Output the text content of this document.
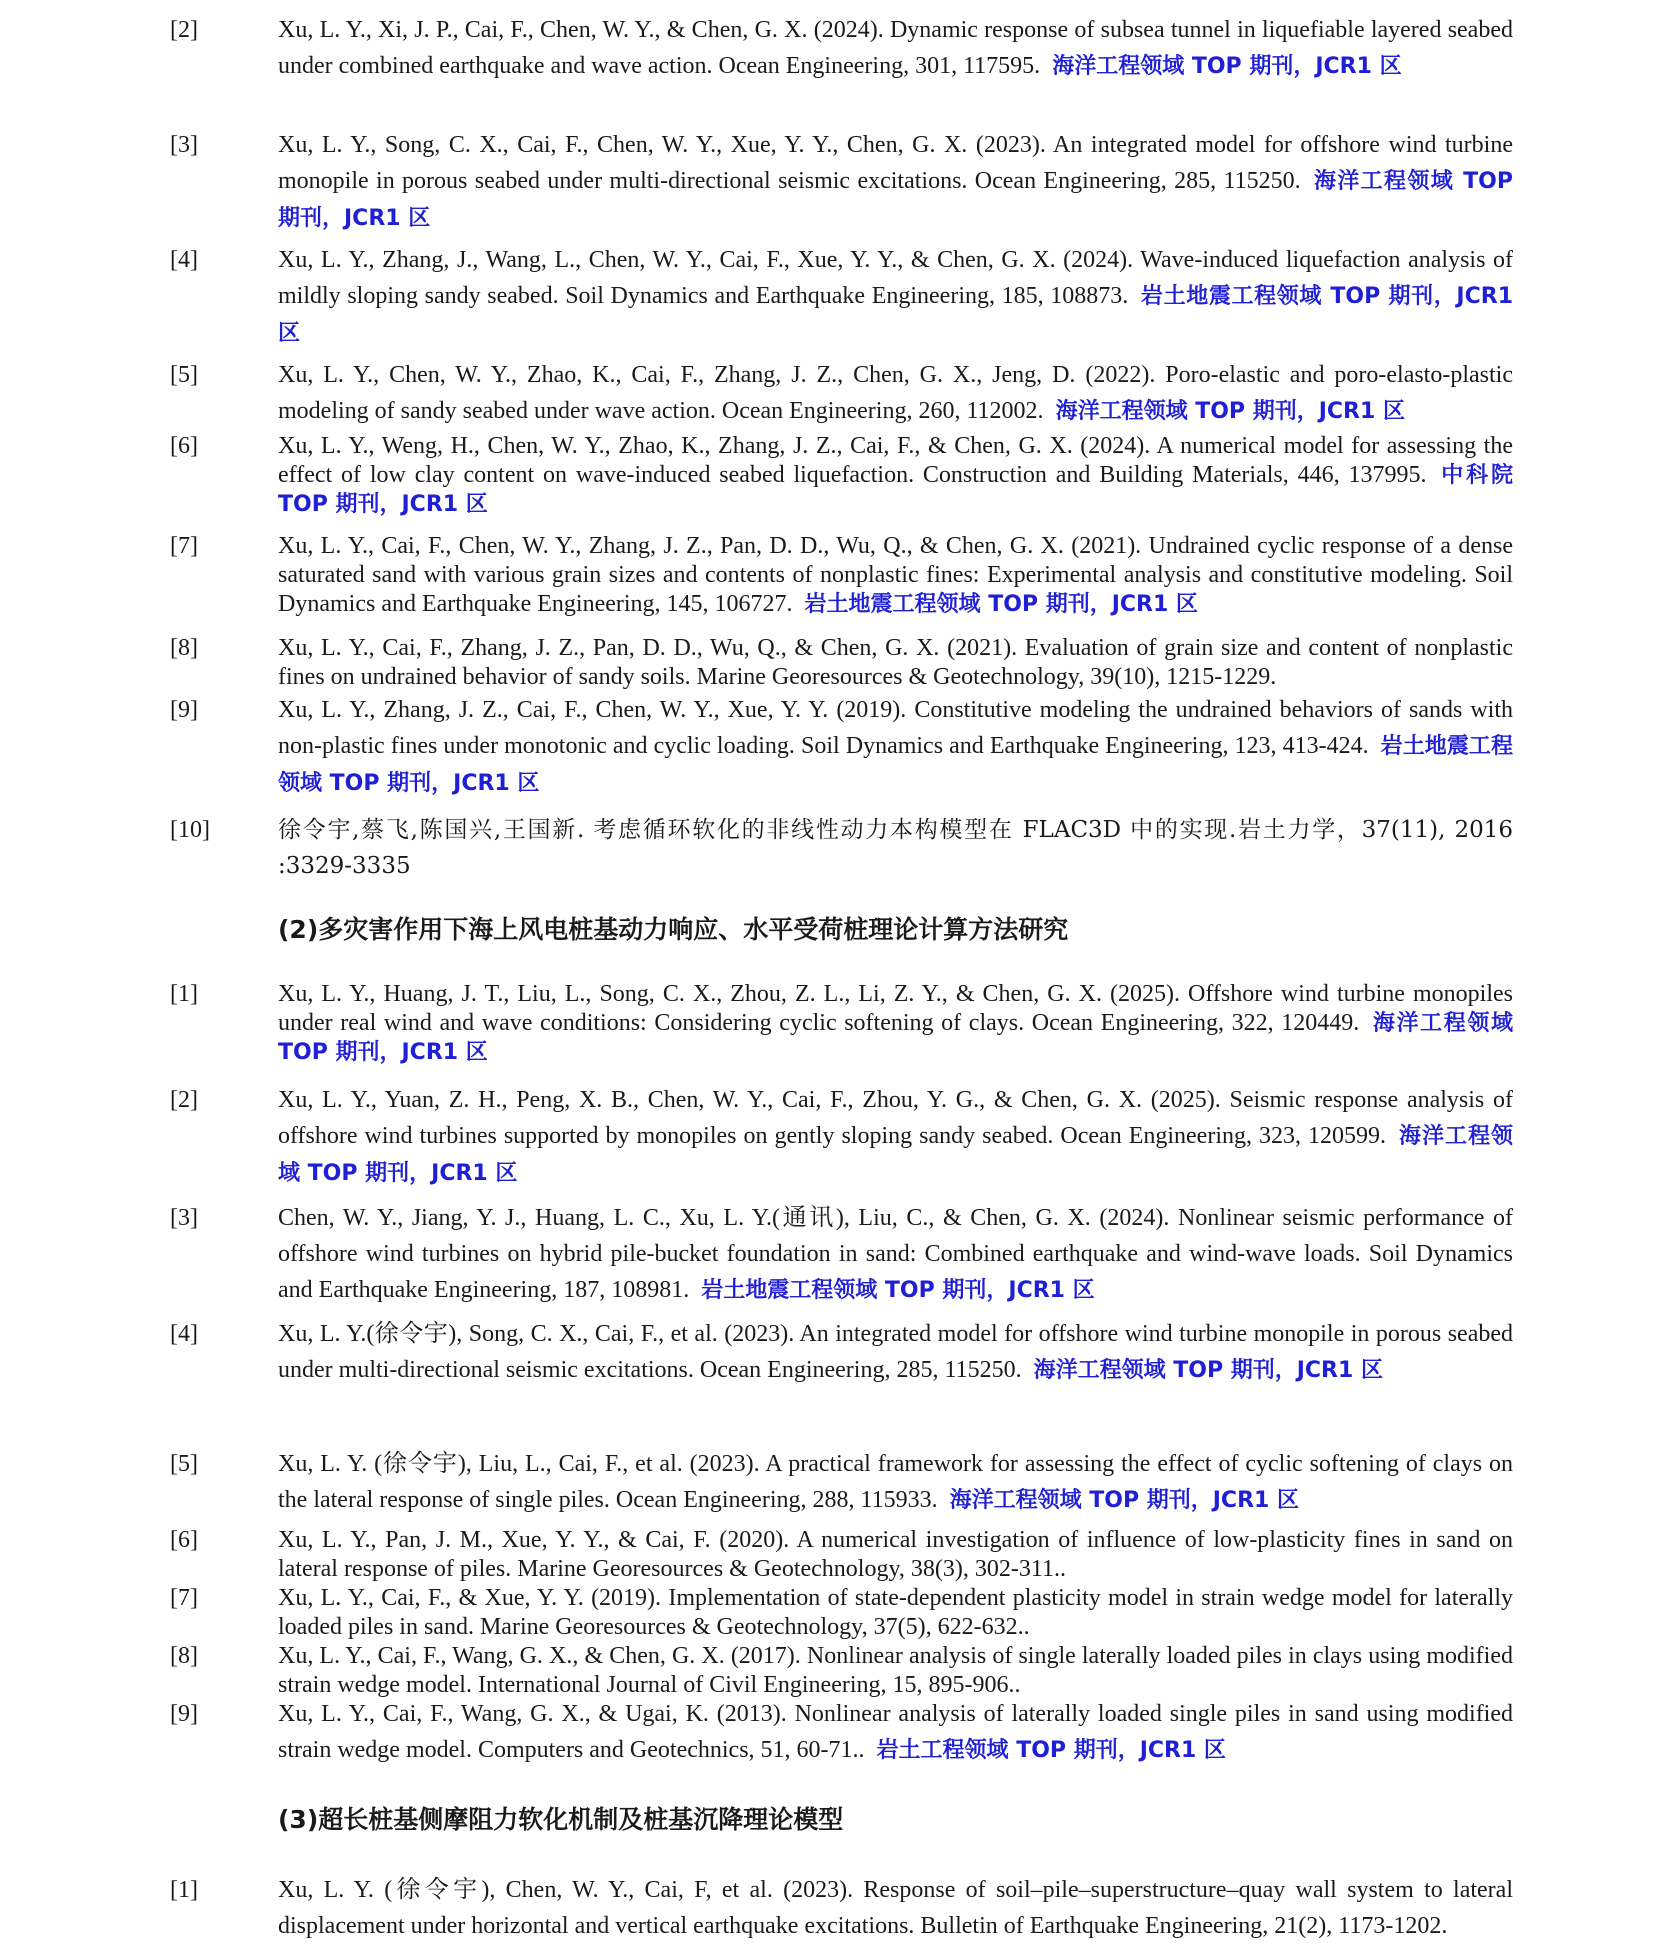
[2]	Xu, L. Y., Xi, J. P., Cai, F., Chen, W. Y., & Chen, G. X. (2024). Dynamic response of subsea tunnel in liquefiable layered seabed under combined earthquake and wave action. Ocean Engineering, 301, 117595. 海洋工程领域 TOP 期刊，JCR1 区
[3]	Xu, L. Y., Song, C. X., Cai, F., Chen, W. Y., Xue, Y. Y., Chen, G. X. (2023). An integrated model for offshore wind turbine monopile in porous seabed under multi-directional seismic excitations. Ocean Engineering, 285, 115250. 海洋工程领域 TOP 期刊，JCR1 区
[4]	Xu, L. Y., Zhang, J., Wang, L., Chen, W. Y., Cai, F., Xue, Y. Y., & Chen, G. X. (2024). Wave-induced liquefaction analysis of mildly sloping sandy seabed. Soil Dynamics and Earthquake Engineering, 185, 108873. 岩土地震工程领域 TOP 期刊，JCR1 区
[5]	Xu, L. Y., Chen, W. Y., Zhao, K., Cai, F., Zhang, J. Z., Chen, G. X., Jeng, D. (2022). Poro-elastic and poro-elasto-plastic modeling of sandy seabed under wave action. Ocean Engineering, 260, 112002. 海洋工程领域 TOP 期刊，JCR1 区
[6]	Xu, L. Y., Weng, H., Chen, W. Y., Zhao, K., Zhang, J. Z., Cai, F., & Chen, G. X. (2024). A numerical model for assessing the effect of low clay content on wave-induced seabed liquefaction. Construction and Building Materials, 446, 137995. 中科院 TOP 期刊，JCR1 区
[7]	Xu, L. Y., Cai, F., Chen, W. Y., Zhang, J. Z., Pan, D. D., Wu, Q., & Chen, G. X. (2021). Undrained cyclic response of a dense saturated sand with various grain sizes and contents of nonplastic fines: Experimental analysis and constitutive modeling. Soil Dynamics and Earthquake Engineering, 145, 106727. 岩土地震工程领域 TOP 期刊，JCR1 区
[8]	Xu, L. Y., Cai, F., Zhang, J. Z., Pan, D. D., Wu, Q., & Chen, G. X. (2021). Evaluation of grain size and content of nonplastic fines on undrained behavior of sandy soils. Marine Georesources & Geotechnology, 39(10), 1215-1229.
[9]	Xu, L. Y., Zhang, J. Z., Cai, F., Chen, W. Y., Xue, Y. Y. (2019). Constitutive modeling the undrained behaviors of sands with non-plastic fines under monotonic and cyclic loading. Soil Dynamics and Earthquake Engineering, 123, 413-424. 岩土地震工程领域 TOP 期刊，JCR1 区
[10]	徐令宇,蔡飞,陈国兴,王国新. 考虑循环软化的非线性动力本构模型在 FLAC3D 中的实现.岩土力学，37(11), 2016 :3329-3335
(2)多灾害作用下海上风电桩基动力响应、水平受荷桩理论计算方法研究
[1]	Xu, L. Y., Huang, J. T., Liu, L., Song, C. X., Zhou, Z. L., Li, Z. Y., & Chen, G. X. (2025). Offshore wind turbine monopiles under real wind and wave conditions: Considering cyclic softening of clays. Ocean Engineering, 322, 120449. 海洋工程领域 TOP 期刊，JCR1 区
[2]	Xu, L. Y., Yuan, Z. H., Peng, X. B., Chen, W. Y., Cai, F., Zhou, Y. G., & Chen, G. X. (2025). Seismic response analysis of offshore wind turbines supported by monopiles on gently sloping sandy seabed. Ocean Engineering, 323, 120599. 海洋工程领域 TOP 期刊，JCR1 区
[3]	Chen, W. Y., Jiang, Y. J., Huang, L. C., Xu, L. Y.(通讯), Liu, C., & Chen, G. X. (2024). Nonlinear seismic performance of offshore wind turbines on hybrid pile-bucket foundation in sand: Combined earthquake and wind-wave loads. Soil Dynamics and Earthquake Engineering, 187, 108981. 岩土地震工程领域 TOP 期刊，JCR1 区
[4]	Xu, L. Y.(徐令宇), Song, C. X., Cai, F., et al. (2023). An integrated model for offshore wind turbine monopile in porous seabed under multi-directional seismic excitations. Ocean Engineering, 285, 115250. 海洋工程领域 TOP 期刊，JCR1 区
[5]	Xu, L. Y. (徐令宇), Liu, L., Cai, F., et al. (2023). A practical framework for assessing the effect of cyclic softening of clays on the lateral response of single piles. Ocean Engineering, 288, 115933. 海洋工程领域 TOP 期刊，JCR1 区
[6]	Xu, L. Y., Pan, J. M., Xue, Y. Y., & Cai, F. (2020). A numerical investigation of influence of low-plasticity fines in sand on lateral response of piles. Marine Georesources & Geotechnology, 38(3), 302-311..
[7]	Xu, L. Y., Cai, F., & Xue, Y. Y. (2019). Implementation of state-dependent plasticity model in strain wedge model for laterally loaded piles in sand. Marine Georesources & Geotechnology, 37(5), 622-632..
[8]	Xu, L. Y., Cai, F., Wang, G. X., & Chen, G. X. (2017). Nonlinear analysis of single laterally loaded piles in clays using modified strain wedge model. International Journal of Civil Engineering, 15, 895-906..
[9]	Xu, L. Y., Cai, F., Wang, G. X., & Ugai, K. (2013). Nonlinear analysis of laterally loaded single piles in sand using modified strain wedge model. Computers and Geotechnics, 51, 60-71.. 岩土工程领域 TOP 期刊，JCR1 区
(3)超长桩基侧摩阻力软化机制及桩基沉降理论模型
[1]	Xu, L. Y. (徐令宇), Chen, W. Y., Cai, F, et al. (2023). Response of soil–pile–superstructure–quay wall system to lateral displacement under horizontal and vertical earthquake excitations. Bulletin of Earthquake Engineering, 21(2), 1173-1202.
